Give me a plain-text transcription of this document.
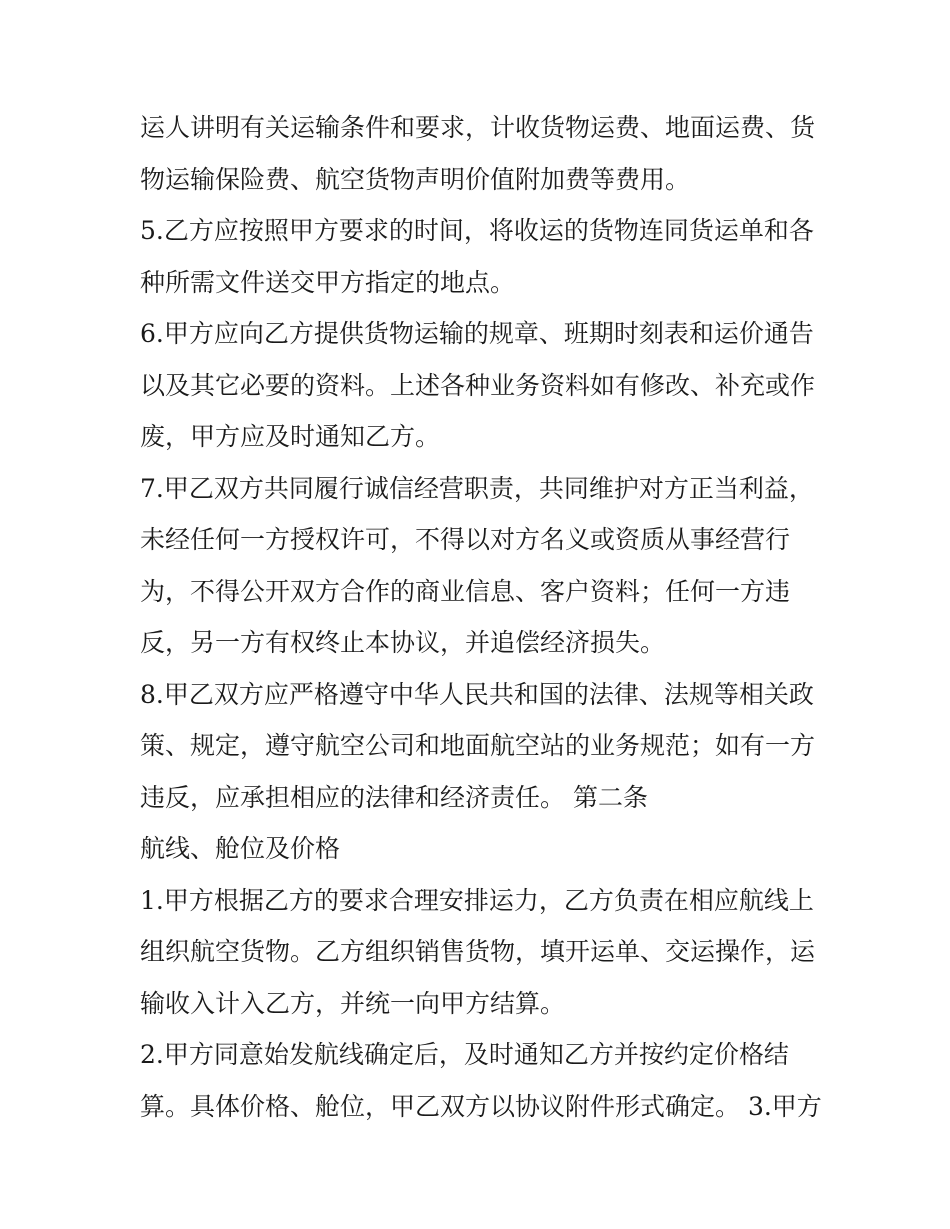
运人讲明有关运输条件和要求，计收货物运费、地面运费、货
物运输保险费、航空货物声明价值附加费等费用。
5.乙方应按照甲方要求的时间，将收运的货物连同货运单和各
种所需文件送交甲方指定的地点。
6.甲方应向乙方提供货物运输的规章、班期时刻表和运价通告
以及其它必要的资料。上述各种业务资料如有修改、补充或作
废，甲方应及时通知乙方。
7.甲乙双方共同履行诚信经营职责，共同维护对方正当利益，
未经任何一方授权许可，不得以对方名义或资质从事经营行
为，不得公开双方合作的商业信息、客户资料；任何一方违
反，另一方有权终止本协议，并追偿经济损失。
8.甲乙双方应严格遵守中华人民共和国的法律、法规等相关政
策、规定，遵守航空公司和地面航空站的业务规范；如有一方
违反，应承担相应的法律和经济责任。 第二条
航线、舱位及价格
1.甲方根据乙方的要求合理安排运力，乙方负责在相应航线上
组织航空货物。乙方组织销售货物，填开运单、交运操作，运
输收入计入乙方，并统一向甲方结算。
2.甲方同意始发航线确定后，及时通知乙方并按约定价格结
算。具体价格、舱位，甲乙双方以协议附件形式确定。 3.甲方
